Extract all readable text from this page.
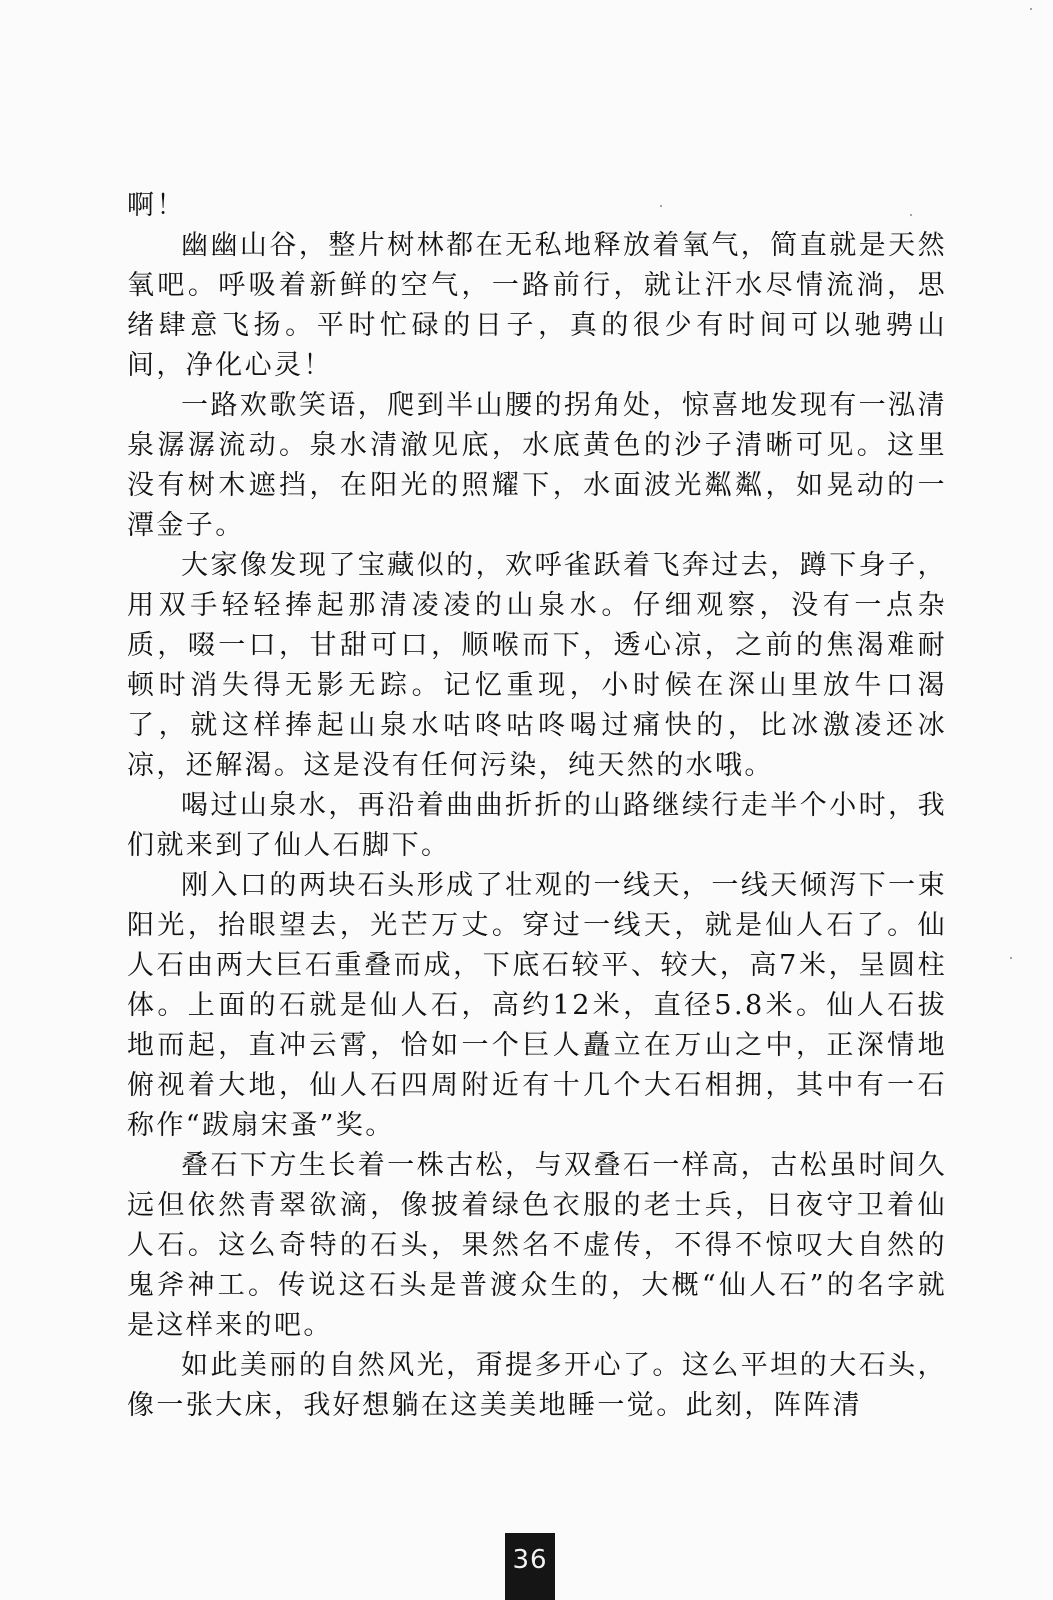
啊！

幽幽山谷，整片树林都在无私地释放着氧气，简直就是天然氧吧。呼吸着新鲜的空气，一路前行，就让汗水尽情流淌，思绪肆意飞扬。平时忙碌的日子，真的很少有时间可以驰骋山间，净化心灵！

一路欢歌笑语，爬到半山腰的拐角处，惊喜地发现有一泓清泉潺潺流动。泉水清澈见底，水底黄色的沙子清晰可见。这里没有树木遮挡，在阳光的照耀下，水面波光粼粼，如晃动的一潭金子。

大家像发现了宝藏似的，欢呼雀跃着飞奔过去，蹲下身子，用双手轻轻捧起那清凌凌的山泉水。仔细观察，没有一点杂质，啜一口，甘甜可口，顺喉而下，透心凉，之前的焦渴难耐顿时消失得无影无踪。记忆重现，小时候在深山里放牛口渴了，就这样捧起山泉水咕咚咕咚喝过痛快的，比冰激凌还冰凉，还解渴。这是没有任何污染，纯天然的水哦。

喝过山泉水，再沿着曲曲折折的山路继续行走半个小时，我们就来到了仙人石脚下。

刚入口的两块石头形成了壮观的一线天，一线天倾泻下一束阳光，抬眼望去，光芒万丈。穿过一线天，就是仙人石了。仙人石由两大巨石重叠而成，下底石较平、较大，高7米，呈圆柱体。上面的石就是仙人石，高约12米，直径5.8米。仙人石拔地而起，直冲云霄，恰如一个巨人矗立在万山之中，正深情地俯视着大地，仙人石四周附近有十几个大石相拥，其中有一石称作“跋扇宋蚤”奖。

叠石下方生长着一株古松，与双叠石一样高，古松虽时间久远但依然青翠欲滴，像披着绿色衣服的老士兵，日夜守卫着仙人石。这么奇特的石头，果然名不虚传，不得不惊叹大自然的鬼斧神工。传说这石头是普渡众生的，大概“仙人石”的名字就是这样来的吧。

如此美丽的自然风光，甭提多开心了。这么平坦的大石头，像一张大床，我好想躺在这美美地睡一觉。此刻，阵阵清

36
